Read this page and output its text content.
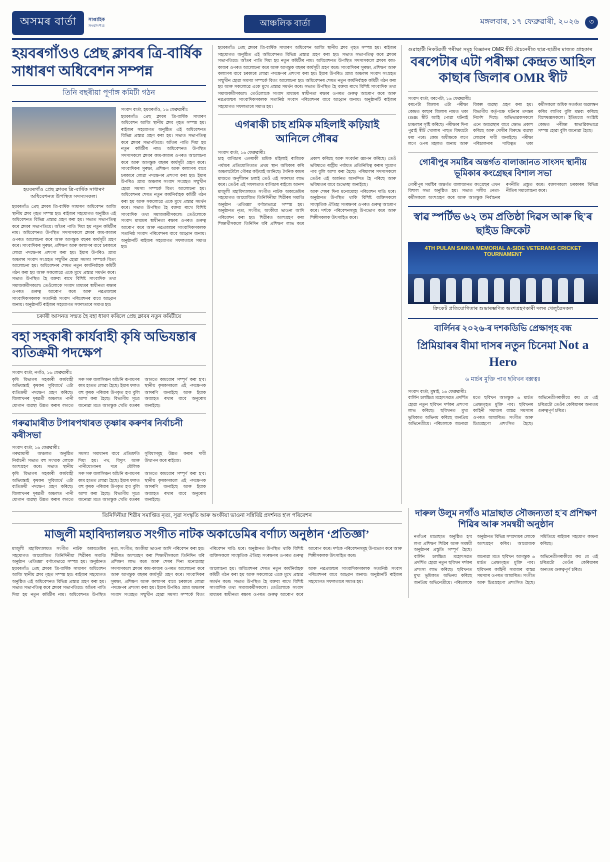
অসমৰ বাৰ্তা	সাপ্তাহিক
সংবাদপত্ৰ	আঞ্চলিক বাৰ্তা	মঙ্গলবাৰ, ১৭ ফেব্ৰুৱাৰী, ২০২৬	৩
হয়বৰগাঁওও প্ৰেছ ক্লাবৰ ত্ৰি-বাৰ্ষিক সাধাৰণ অধিবেশন সম্পন্ন
তিনি বছৰীয়া পূৰ্ণাঙ্গ কমিটী গঠন
হয়বৰগাঁও প্ৰেছ ক্লাবৰ ত্ৰি-বাৰ্ষিক সাধাৰণ অধিবেশনত উপস্থিত সদস্যসকল।
হয়বৰগাঁও প্ৰেছ ক্লাবৰ ত্ৰি-বাৰ্ষিক সাধাৰণ অধিবেশন আজি স্থানীয় ক্লাব গৃহত সম্পন্ন হয়। ৰাইজৰ সহযোগত অনুষ্ঠিত এই অধিবেশনত বিভিন্ন প্ৰস্তাৱ গ্ৰহণ কৰা হয়। সভাত সভাপতিত্ব কৰে ক্লাবৰ সভাপতিয়ে। আঁতৰ পাতি দিয়া হয় নতুন কমিটীৰ নাম। অধিবেশনত উপস্থিত সদস্যসকলে ক্লাবৰ কাম-কাজৰ ওপৰত আলোচনা কৰে আৰু আগন্তুক বছৰৰ কাৰ্যসূচী গ্ৰহণ কৰে। সাংবাদিকৰ সুৰক্ষা, প্ৰশিক্ষণ আৰু কল্যাণৰ বাবে চৰকাৰে লোৱা পদক্ষেপৰ প্ৰশংসা কৰা হয়। ইয়াৰ উপৰিও গ্ৰাম্য অঞ্চলৰ সংবাদ সংগ্ৰহত সম্মুখীন হোৱা সমস্যা সম্পৰ্কে বিতং আলোচনা হয়। অধিবেশনৰ শেষত নতুন কাৰ্যনিৰ্বাহক কমিটী গঠন কৰা হয় আৰু সকলোৱে একে মুখে প্ৰস্তাৱ সমৰ্থন কৰে। সভাত উপস্থিত হৈ বক্তব্য ৰাখে বিশিষ্ট সাংবাদিক তথা সমাজকৰ্মীসকলে। তেওঁলোকে সংবাদ মাধ্যমৰ স্বাধীনতা ৰক্ষাৰ ওপৰত গুৰুত্ব আৰোপ কৰে আৰু নৱপ্ৰজন্মৰ সাংবাদিকসকলক সত্যনিষ্ঠ সংবাদ পৰিবেশনৰ বাবে আহ্বান জনায়। অনুষ্ঠানটি ৰাইজৰ সহযোগত সফলতাৰে সমাপ্ত হয়।
সংবাদ বাৰ্তা, হয়বৰগাঁও, ১৬ ফেব্ৰুৱাৰীঃ
হয়বৰগাঁও প্ৰেছ ক্লাবৰ ত্ৰি-বাৰ্ষিক সাধাৰণ অধিবেশন আজি স্থানীয় ক্লাব গৃহত সম্পন্ন হয়। ৰাইজৰ সহযোগত অনুষ্ঠিত এই অধিবেশনত বিভিন্ন প্ৰস্তাৱ গ্ৰহণ কৰা হয়। সভাত সভাপতিত্ব কৰে ক্লাবৰ সভাপতিয়ে। আঁতৰ পাতি দিয়া হয় নতুন কমিটীৰ নাম। অধিবেশনত উপস্থিত সদস্যসকলে ক্লাবৰ কাম-কাজৰ ওপৰত আলোচনা কৰে আৰু আগন্তুক বছৰৰ কাৰ্যসূচী গ্ৰহণ কৰে। সাংবাদিকৰ সুৰক্ষা, প্ৰশিক্ষণ আৰু কল্যাণৰ বাবে চৰকাৰে লোৱা পদক্ষেপৰ প্ৰশংসা কৰা হয়। ইয়াৰ উপৰিও গ্ৰাম্য অঞ্চলৰ সংবাদ সংগ্ৰহত সম্মুখীন হোৱা সমস্যা সম্পৰ্কে বিতং আলোচনা হয়। অধিবেশনৰ শেষত নতুন কাৰ্যনিৰ্বাহক কমিটী গঠন কৰা হয় আৰু সকলোৱে একে মুখে প্ৰস্তাৱ সমৰ্থন কৰে। সভাত উপস্থিত হৈ বক্তব্য ৰাখে বিশিষ্ট সাংবাদিক তথা সমাজকৰ্মীসকলে। তেওঁলোকে সংবাদ মাধ্যমৰ স্বাধীনতা ৰক্ষাৰ ওপৰত গুৰুত্ব আৰোপ কৰে আৰু নৱপ্ৰজন্মৰ সাংবাদিকসকলক সত্যনিষ্ঠ সংবাদ পৰিবেশনৰ বাবে আহ্বান জনায়। অনুষ্ঠানটি ৰাইজৰ সহযোগত সফলতাৰে সমাপ্ত হয়।
চকাৰী আসনত সন্মত হৈ বহা ধাৰণ কৰিলে প্ৰেছ ক্লাবৰ নতুন কমিটীয়ে
বহা সহকাৰী কাৰ্যবাহী কৃষি অভিযন্তাৰ ব্যতিক্ৰমী পদক্ষেপ
সংবাদ বাৰ্তা, নগাঁও, ১৬ ফেব্ৰুৱাৰীঃ
কৃষি বিভাগৰ সহকাৰী কাৰ্যবাহী অভিযন্তাই কৃষকৰ সুবিধাৰ্থে এটা ব্যতিক্ৰমী পদক্ষেপ গ্ৰহণ কৰিছে। জিলাখনৰ দূৰৱৰ্তী অঞ্চলত পানী যোগান ব্যৱস্থা উন্নত কৰাৰ লগতে সৰু সৰু জলসিঞ্চন আঁচনি ৰূপায়ণৰ কাম হাতত লোৱা হৈছে। ইয়াৰ ফলত বহু কৃষক পৰিবাৰ উপকৃত হ'ব বুলি আশা কৰা হৈছে। বিভাগীয় সূত্ৰে জনোৱা মতে আগন্তুক খেতি বতৰৰ আগতে কামবোৰ সম্পূৰ্ণ কৰা হ'ব। স্থানীয় কৃষকসকলে এই পদক্ষেপক আদৰণি জনাইছে আৰু ইয়াক অব্যাহত ৰখাৰ বাবে অনুৰোধ জনাইছে।
গৰুৱামাৰীত টপাৰপথাৰত তৃষ্ণাৰ কৰুণৰ নিৰ্বাচনী কৰীসভা
সংবাদ বাৰ্তা, ১৬ ফেব্ৰুৱাৰীঃ
গৰুৱামাৰী অঞ্চলত অনুষ্ঠিত নিৰ্বাচনী সভাত বহু সংখ্যক লোকে অংশগ্ৰহণ কৰে। সভাত স্থানীয় সমস্যা সমাধানৰ বাবে প্ৰতিশ্ৰুতি দিয়া হয়। পথ, বিদ্যুৎ আৰু পানীযোগানৰ দৰে মৌলিক সুবিধাসমূহ উন্নত কৰাৰ দাবী উত্থাপন কৰে ৰাইজে।
কৃষি বিভাগৰ সহকাৰী কাৰ্যবাহী অভিযন্তাই কৃষকৰ সুবিধাৰ্থে এটা ব্যতিক্ৰমী পদক্ষেপ গ্ৰহণ কৰিছে। জিলাখনৰ দূৰৱৰ্তী অঞ্চলত পানী যোগান ব্যৱস্থা উন্নত কৰাৰ লগতে সৰু সৰু জলসিঞ্চন আঁচনি ৰূপায়ণৰ কাম হাতত লোৱা হৈছে। ইয়াৰ ফলত বহু কৃষক পৰিবাৰ উপকৃত হ'ব বুলি আশা কৰা হৈছে। বিভাগীয় সূত্ৰে জনোৱা মতে আগন্তুক খেতি বতৰৰ আগতে কামবোৰ সম্পূৰ্ণ কৰা হ'ব। স্থানীয় কৃষকসকলে এই পদক্ষেপক আদৰণি জনাইছে আৰু ইয়াক অব্যাহত ৰখাৰ বাবে অনুৰোধ জনাইছে।
হয়বৰগাঁও প্ৰেছ ক্লাবৰ ত্ৰি-বাৰ্ষিক সাধাৰণ অধিবেশন আজি স্থানীয় ক্লাব গৃহত সম্পন্ন হয়। ৰাইজৰ সহযোগত অনুষ্ঠিত এই অধিবেশনত বিভিন্ন প্ৰস্তাৱ গ্ৰহণ কৰা হয়। সভাত সভাপতিত্ব কৰে ক্লাবৰ সভাপতিয়ে। আঁতৰ পাতি দিয়া হয় নতুন কমিটীৰ নাম। অধিবেশনত উপস্থিত সদস্যসকলে ক্লাবৰ কাম-কাজৰ ওপৰত আলোচনা কৰে আৰু আগন্তুক বছৰৰ কাৰ্যসূচী গ্ৰহণ কৰে। সাংবাদিকৰ সুৰক্ষা, প্ৰশিক্ষণ আৰু কল্যাণৰ বাবে চৰকাৰে লোৱা পদক্ষেপৰ প্ৰশংসা কৰা হয়। ইয়াৰ উপৰিও গ্ৰাম্য অঞ্চলৰ সংবাদ সংগ্ৰহত সম্মুখীন হোৱা সমস্যা সম্পৰ্কে বিতং আলোচনা হয়। অধিবেশনৰ শেষত নতুন কাৰ্যনিৰ্বাহক কমিটী গঠন কৰা হয় আৰু সকলোৱে একে মুখে প্ৰস্তাৱ সমৰ্থন কৰে। সভাত উপস্থিত হৈ বক্তব্য ৰাখে বিশিষ্ট সাংবাদিক তথা সমাজকৰ্মীসকলে। তেওঁলোকে সংবাদ মাধ্যমৰ স্বাধীনতা ৰক্ষাৰ ওপৰত গুৰুত্ব আৰোপ কৰে আৰু নৱপ্ৰজন্মৰ সাংবাদিকসকলক সত্যনিষ্ঠ সংবাদ পৰিবেশনৰ বাবে আহ্বান জনায়। অনুষ্ঠানটি ৰাইজৰ সহযোগত সফলতাৰে সমাপ্ত হয়।
এগৰাকী চাহ শ্ৰমিক মহিলাই কঢ়িয়াই আনিলে গৌৰৱ
সংবাদ বাৰ্তা, ১৬ ফেব্ৰুৱাৰীঃ
চাহ বাগিচাৰ এগৰাকী শ্ৰমিক মহিলাই ৰাজ্যিক পৰ্যায়ৰ প্ৰতিযোগিতাত প্ৰথম স্থান অধিকাৰ কৰি অঞ্চলটোলৈ গৌৰৱ কঢ়িয়াই আনিছে। দৈনিক কামৰ মাজতে অনুশীলন চলাই তেওঁ এই সফলতা লাভ কৰে। তেওঁৰ এই সফলতাত বাগিচাৰ ৰাইজে আনন্দ প্ৰকাশ কৰিছে আৰু সংবৰ্ধনা জ্ঞাপন কৰিছে। তেওঁ ভবিষ্যতে ৰাষ্ট্ৰীয় পৰ্যায়ত প্ৰতিনিধিত্ব কৰাৰ সুযোগ পাব বুলি আশা কৰা হৈছে। পৰিয়ালৰ সদস্যসকলে তেওঁৰ এই অৰ্জনত আনন্দিত হৈ পৰিছে আৰু ভবিষ্যতৰ বাবে শুভেচ্ছা জনাইছে।
মাজুলী মহাবিদ্যালয়ত সংগীত নাটক অকাডেমিৰ সহযোগত আয়োজিত তিনিদিনীয়া শিৱীৰৰ সমাপ্তি অনুষ্ঠান ‘প্ৰতিজ্ঞা’ বৰ্ণাঢ্যভাৱে সম্পন্ন হয়। অনুষ্ঠানত নৃত্য, সংগীত, অংকীয়া ভাওনা আদি পৰিবেশন কৰা হয়। শিৱীৰত অংশগ্ৰহণ কৰা শিক্ষাৰ্থীসকলে তিনিদিন ধৰি প্ৰশিক্ষণ লাভ কৰে আৰু শেষৰ দিনা মনোমোহা পৰিবেশন দাঙি ধৰে। অনুষ্ঠানত উপস্থিত থাকি বিশিষ্ট ব্যক্তিসকলে সাংস্কৃতিক ঐতিহ্য সংৰক্ষণৰ ওপৰত গুৰুত্ব আৰোপ কৰে। দৰ্শকে পৰিবেশনসমূহ উপভোগ কৰে আৰু শিল্পীসকলক উৎসাহিত কৰে।
গুৱাহাটী নিকটৱৰ্তী পৰীক্ষা সমূহ বিজ্ঞানৰ OMR স্বীট ষ্টেচনেৰীত ছাত্ৰ-ছাত্ৰীৰ মাজত গ্ৰাহকাৰ
বৰপেটাৰ এটা পৰীক্ষা কেন্দ্ৰত আহিল কাছাৰ জিলাৰ OMR স্বীট
সংবাদ বাৰ্তা, বৰপেটা, ১৬ ফেব্ৰুৱাৰীঃ
বৰপেটা জিলাৰ এটা পৰীক্ষা কেন্দ্ৰত কাছাৰ জিলাৰ নামত থকা OMR স্বীট আহি পোৱা ঘটনাই চাঞ্চল্যৰ সৃষ্টি কৰিছে। পৰীক্ষাৰ দিনা পুৱাই স্বীট খোলাৰ পাছত বিষয়টো ধৰা পৰে। কেন্দ্ৰ অধীক্ষকে লগে লগে ওপৰ মহলত জনায় আৰু বিকল্প ব্যৱস্থা গ্ৰহণ কৰা হয়। বিভাগীয় কৰ্তৃপক্ষে ঘটনাৰ তদন্তৰ নিৰ্দেশ দিছে। অভিভাৱকসকলে এনে অব্যৱস্থাৰ বাবে ক্ষোভ প্ৰকাশ কৰিছে আৰু দোষীৰ বিৰুদ্ধে ব্যৱস্থা লোৱাৰ দাবী জনাইছে। পৰীক্ষা পৰিচালনাৰ দায়িত্বত থকা কৰ্মীসকলে অধিক সতৰ্কতা অৱলম্বন কৰিব লাগিব বুলি মন্তব্য কৰিছে বিশেষজ্ঞসকলে। ইতিমধ্যে সংশ্লিষ্ট কেন্দ্ৰত পৰীক্ষা স্বাভাৱিকভাৱে সম্পন্ন হোৱা বুলি জনোৱা হৈছে।
গোৰীপুৰ সমষ্টিৰ অন্তৰ্গত বালাজানত সাংসদ স্থানীয় ভূমিকাৰ কংগ্ৰেছৰ বিশাল সভা
গোৰীপুৰ সমষ্টিৰ অন্তৰ্গত বালাজানত কংগ্ৰেছৰ এখন বিশাল সভা অনুষ্ঠিত হয়। সভাত দলীয় নেতা-কৰ্মীসকলে অংশগ্ৰহণ কৰে আৰু আগন্তুক নিৰ্বাচনৰ ৰণনীতি প্ৰস্তুত কৰে। বক্তাসকলে চৰকাৰৰ বিভিন্ন নীতিৰ সমালোচনা কৰে।
স্বাৱ স্পৰ্টিভ ৬২ তম প্ৰতিষ্ঠা দিৱস আৰু ছি'ৰ ছাইড ক্ৰিকেট
4TH PULAN SAIKIA MEMORIAL A-SIDE VETERANS CRICKET TOURNAMENT
ক্ৰিকেট প্ৰতিযোগিতাৰ শুভাৰম্ভণিত অংশগ্ৰহণকাৰী দলৰ খেলুৱৈসকল
বাৰ্লিনৰ ২০২৬-ৰ দশকডিভি প্ৰেক্ষাগৃহ বন্ধ
প্ৰিমিয়াৰৰ বীমা দাসৰ নতুন চিনেমা Not a Hero
৬ মাৰ্চৰ মুক্তি পাব ছবিখন বক্সত্বঃ
সংবাদ বাৰ্তা, মুম্বাই, ১৬ ফেব্ৰুৱাৰীঃ
বাৰ্লিন চলচ্চিত্ৰ মহোৎসৱত প্ৰদৰ্শিত হোৱা নতুন ছবিখন দৰ্শকৰ প্ৰশংসা লাভ কৰিছে। ছবিখনত মুখ্য ভূমিকাত অভিনয় কৰিছে জনপ্ৰিয় অভিনেত্ৰীয়ে। পৰিচালকে জনোৱা মতে ছবিখন আগন্তুক ৬ মাৰ্চত প্ৰেক্ষাগৃহত মুক্তি পাব। ছবিখনৰ কাহিনী সমাজৰ বাস্তৱ সমস্যাৰ ওপৰত আধাৰিত। সংগীত আৰু চিত্ৰগ্ৰহণো প্ৰশংসিত হৈছে। অভিনেত্ৰীগৰাকীয়ে কয় যে এই চৰিত্ৰটো তেওঁৰ কেৰিয়াৰৰ অন্যতম গুৰুত্বপূৰ্ণ চৰিত্ৰ।
তিনিদিনীয়া শিৱীৰ সমাপ্তিত নৃত্য, সুৱা সংস্কৃতি আৰু অংকীয়া ভাওনা সন্নিবিষ্ট প্ৰদৰ্শনত হ'ল পৰিবেশন
মাজুলী মহাবিদ্যালয়ত সংগীত নাটক অকাডেমিৰ বৰ্ণাঢ্য অনুষ্ঠান ‘প্ৰতিজ্ঞা’
মাজুলী মহাবিদ্যালয়ত সংগীত নাটক অকাডেমিৰ সহযোগত আয়োজিত তিনিদিনীয়া শিৱীৰৰ সমাপ্তি অনুষ্ঠান ‘প্ৰতিজ্ঞা’ বৰ্ণাঢ্যভাৱে সম্পন্ন হয়। অনুষ্ঠানত নৃত্য, সংগীত, অংকীয়া ভাওনা আদি পৰিবেশন কৰা হয়। শিৱীৰত অংশগ্ৰহণ কৰা শিক্ষাৰ্থীসকলে তিনিদিন ধৰি প্ৰশিক্ষণ লাভ কৰে আৰু শেষৰ দিনা মনোমোহা পৰিবেশন দাঙি ধৰে। অনুষ্ঠানত উপস্থিত থাকি বিশিষ্ট ব্যক্তিসকলে সাংস্কৃতিক ঐতিহ্য সংৰক্ষণৰ ওপৰত গুৰুত্ব আৰোপ কৰে। দৰ্শকে পৰিবেশনসমূহ উপভোগ কৰে আৰু শিল্পীসকলক উৎসাহিত কৰে।
হয়বৰগাঁও প্ৰেছ ক্লাবৰ ত্ৰি-বাৰ্ষিক সাধাৰণ অধিবেশন আজি স্থানীয় ক্লাব গৃহত সম্পন্ন হয়। ৰাইজৰ সহযোগত অনুষ্ঠিত এই অধিবেশনত বিভিন্ন প্ৰস্তাৱ গ্ৰহণ কৰা হয়। সভাত সভাপতিত্ব কৰে ক্লাবৰ সভাপতিয়ে। আঁতৰ পাতি দিয়া হয় নতুন কমিটীৰ নাম। অধিবেশনত উপস্থিত সদস্যসকলে ক্লাবৰ কাম-কাজৰ ওপৰত আলোচনা কৰে আৰু আগন্তুক বছৰৰ কাৰ্যসূচী গ্ৰহণ কৰে। সাংবাদিকৰ সুৰক্ষা, প্ৰশিক্ষণ আৰু কল্যাণৰ বাবে চৰকাৰে লোৱা পদক্ষেপৰ প্ৰশংসা কৰা হয়। ইয়াৰ উপৰিও গ্ৰাম্য অঞ্চলৰ সংবাদ সংগ্ৰহত সম্মুখীন হোৱা সমস্যা সম্পৰ্কে বিতং আলোচনা হয়। অধিবেশনৰ শেষত নতুন কাৰ্যনিৰ্বাহক কমিটী গঠন কৰা হয় আৰু সকলোৱে একে মুখে প্ৰস্তাৱ সমৰ্থন কৰে। সভাত উপস্থিত হৈ বক্তব্য ৰাখে বিশিষ্ট সাংবাদিক তথা সমাজকৰ্মীসকলে। তেওঁলোকে সংবাদ মাধ্যমৰ স্বাধীনতা ৰক্ষাৰ ওপৰত গুৰুত্ব আৰোপ কৰে আৰু নৱপ্ৰজন্মৰ সাংবাদিকসকলক সত্যনিষ্ঠ সংবাদ পৰিবেশনৰ বাবে আহ্বান জনায়। অনুষ্ঠানটি ৰাইজৰ সহযোগত সফলতাৰে সমাপ্ত হয়।
দাৰুল উলুম নগাঁও মাদ্ৰাছাত সৌজন্যতা হ'ব প্ৰশিক্ষণ শিৱিৰ আৰু সমন্বয়ী অনুষ্ঠান
নগাঁওৰ মাদ্ৰাছাত অনুষ্ঠিত হ'ব লগা প্ৰশিক্ষণ শিৱিৰ আৰু সমন্বয়ী অনুষ্ঠানৰ প্ৰস্তুতি সম্পূৰ্ণ হৈছে। অনুষ্ঠানত বিভিন্ন সম্প্ৰদায়ৰ লোকে অংশগ্ৰহণ কৰিব। আয়োজক সমিতিয়ে ৰাইজৰ সহযোগ কামনা কৰিছে।
বাৰ্লিন চলচ্চিত্ৰ মহোৎসৱত প্ৰদৰ্শিত হোৱা নতুন ছবিখন দৰ্শকৰ প্ৰশংসা লাভ কৰিছে। ছবিখনত মুখ্য ভূমিকাত অভিনয় কৰিছে জনপ্ৰিয় অভিনেত্ৰীয়ে। পৰিচালকে জনোৱা মতে ছবিখন আগন্তুক ৬ মাৰ্চত প্ৰেক্ষাগৃহত মুক্তি পাব। ছবিখনৰ কাহিনী সমাজৰ বাস্তৱ সমস্যাৰ ওপৰত আধাৰিত। সংগীত আৰু চিত্ৰগ্ৰহণো প্ৰশংসিত হৈছে। অভিনেত্ৰীগৰাকীয়ে কয় যে এই চৰিত্ৰটো তেওঁৰ কেৰিয়াৰৰ অন্যতম গুৰুত্বপূৰ্ণ চৰিত্ৰ।
